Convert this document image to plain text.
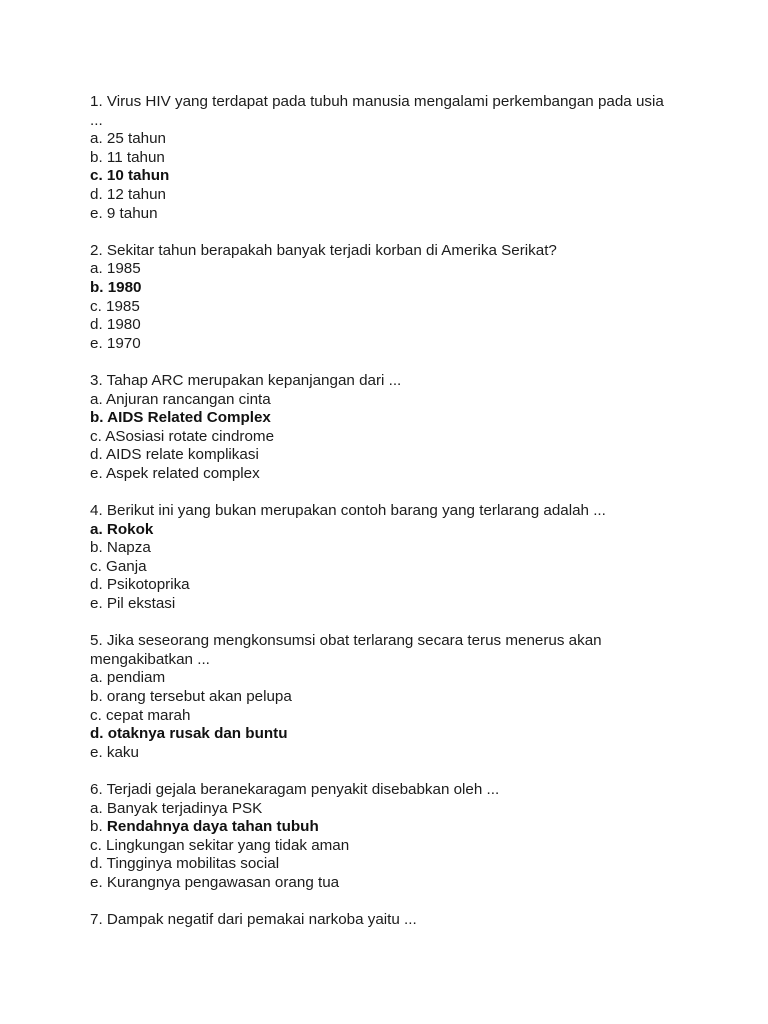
1. Virus HIV yang terdapat pada tubuh manusia mengalami perkembangan pada usia ...
a. 25 tahun
b. 11 tahun
c. 10 tahun
d. 12 tahun
e. 9 tahun
2. Sekitar tahun berapakah banyak terjadi korban di Amerika Serikat?
a. 1985
b. 1980
c. 1985
d. 1980
e. 1970
3. Tahap ARC merupakan kepanjangan dari ...
a. Anjuran rancangan cinta
b. AIDS Related Complex
c. ASosiasi rotate cindrome
d. AIDS relate komplikasi
e. Aspek related complex
4. Berikut ini yang bukan merupakan contoh barang yang terlarang adalah ...
a. Rokok
b. Napza
c. Ganja
d. Psikotoprika
e. Pil ekstasi
5. Jika seseorang mengkonsumsi obat terlarang secara terus menerus akan mengakibatkan ...
a. pendiam
b. orang tersebut akan pelupa
c. cepat marah
d. otaknya rusak dan buntu
e. kaku
6. Terjadi gejala beranekaragam penyakit disebabkan oleh ...
a. Banyak terjadinya PSK
b. Rendahnya daya tahan tubuh
c. Lingkungan sekitar yang tidak aman
d. Tingginya mobilitas social
e. Kurangnya pengawasan orang tua
7. Dampak negatif dari pemakai narkoba yaitu ...
